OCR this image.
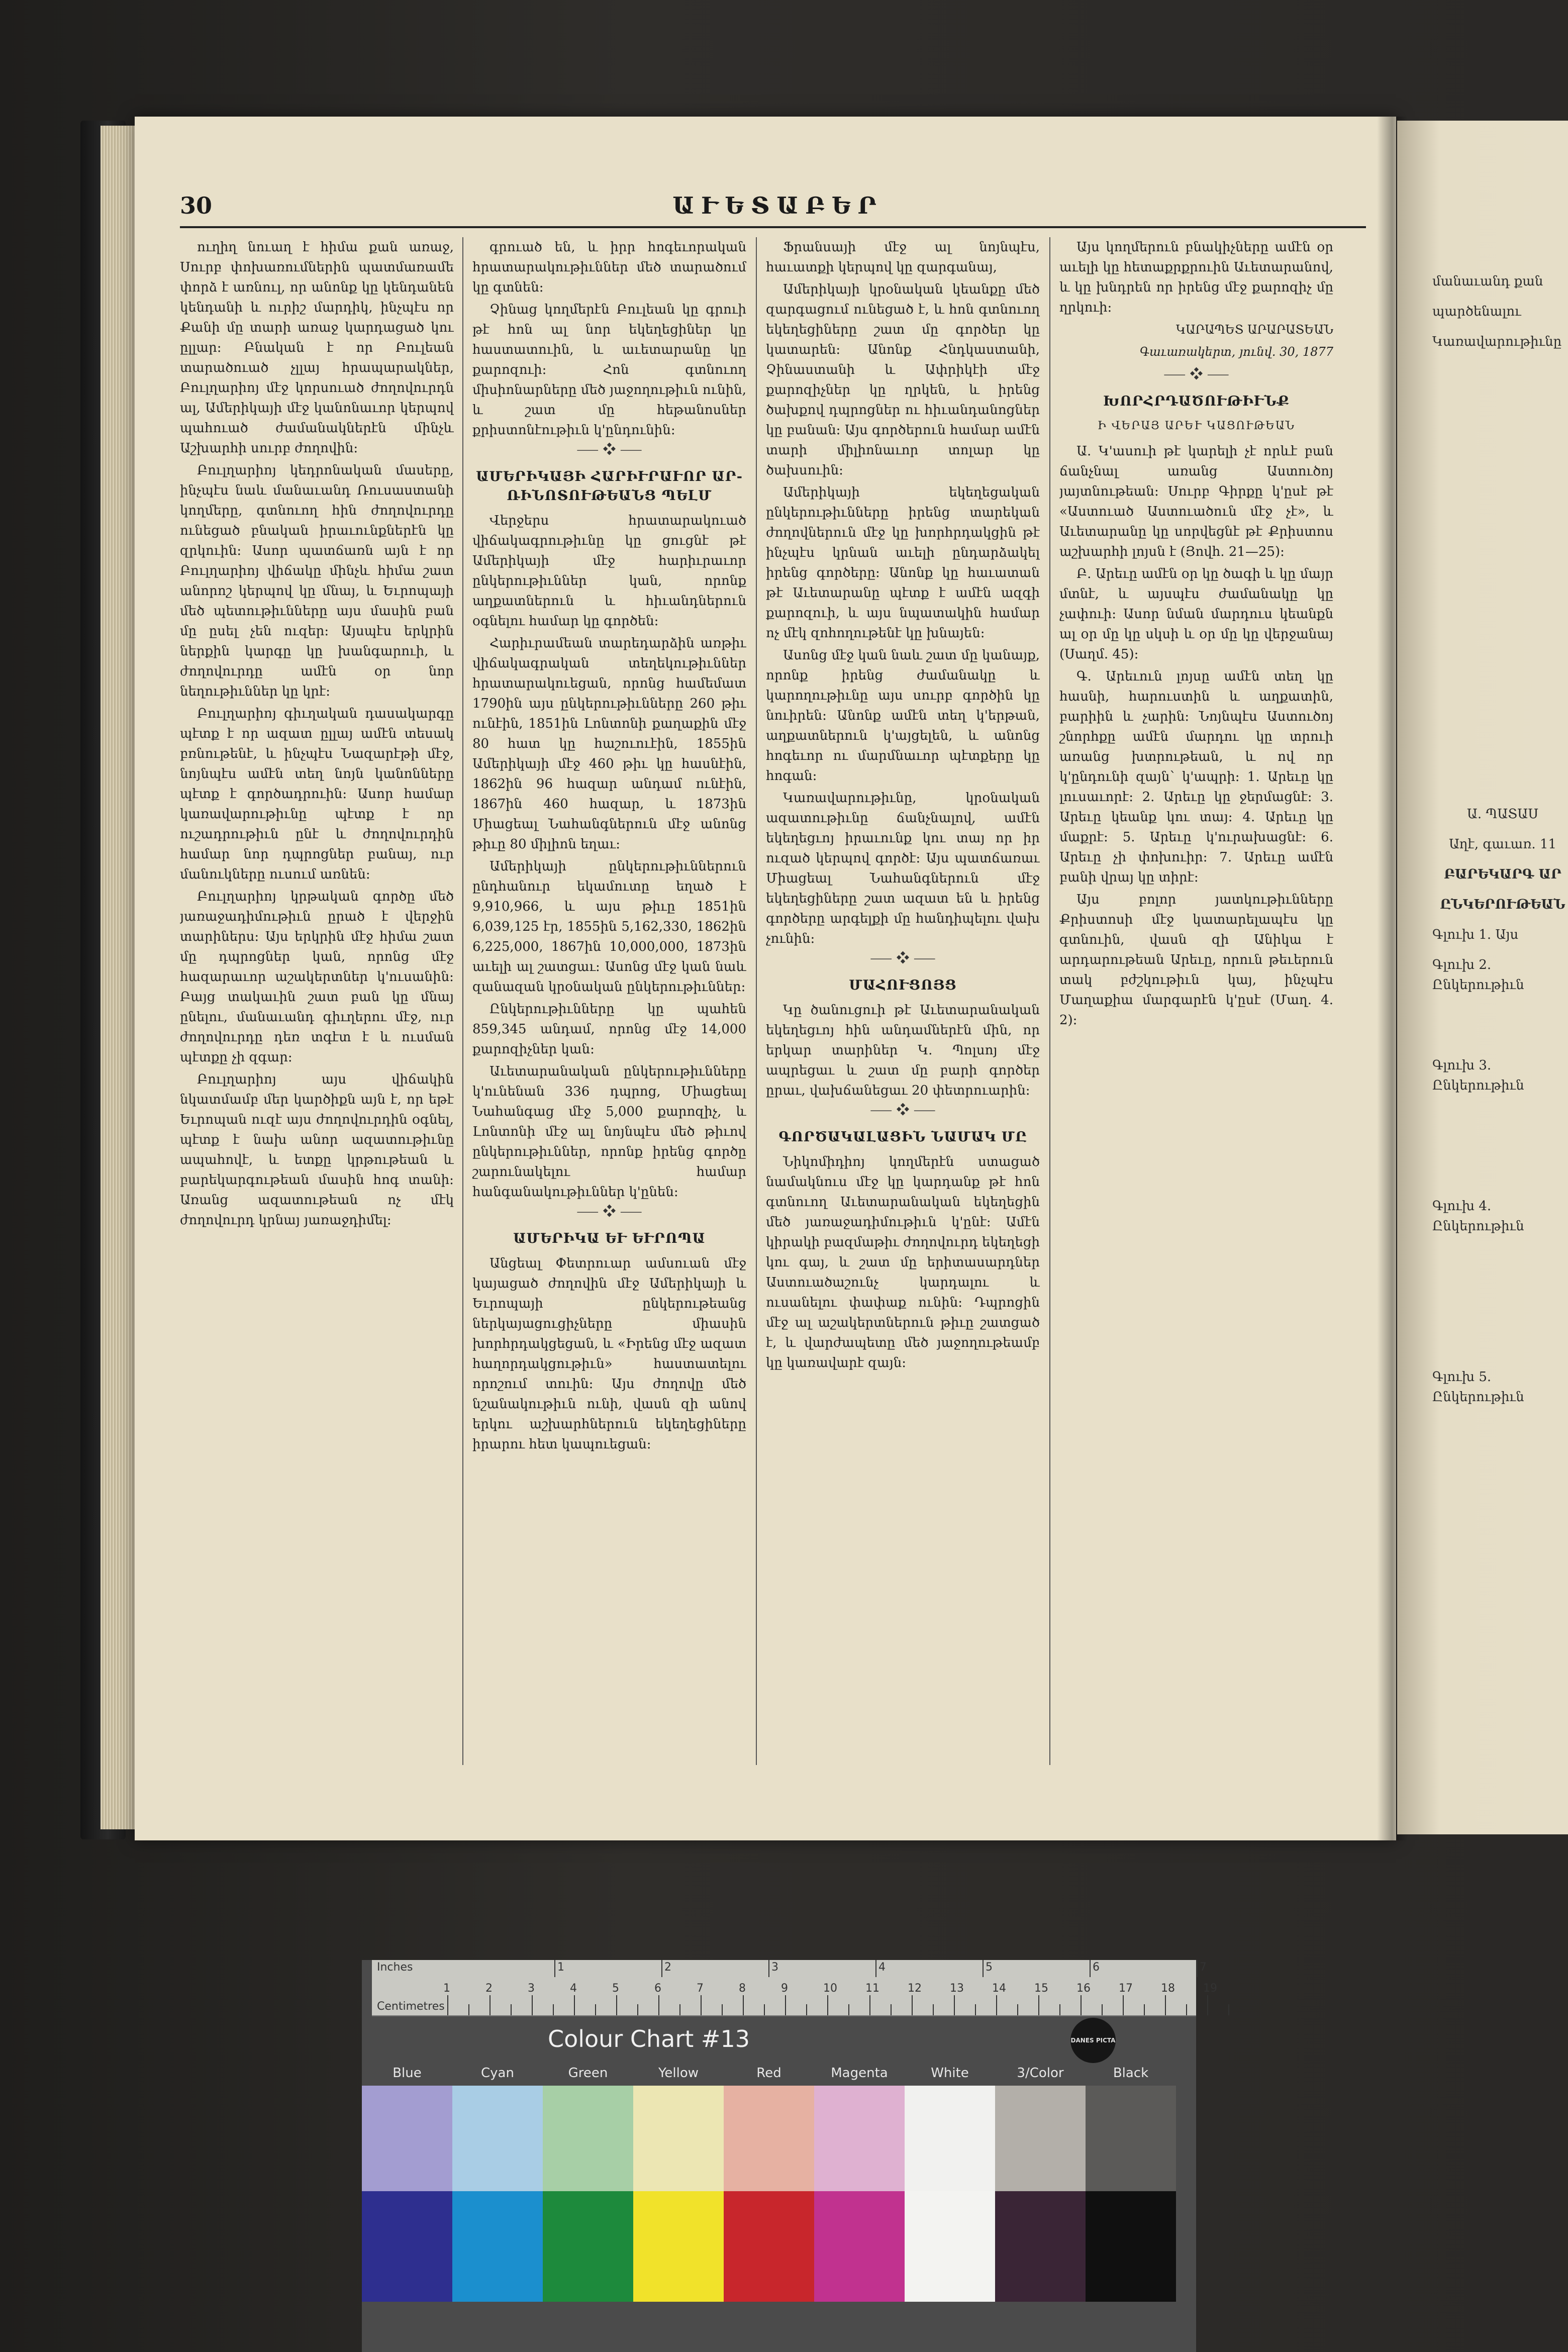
30	ԱՒԵՏԱԲԵՐ

ուղիղ նուաղ է հիմա քան առաջ, Սուրբ փոխառումներին պատմառամե փորձ է առնուլ, որ անոնք կը կենդանեն կենդանի և ուրիշ մարդիկ, ինչպէս որ Քանի մը տարի առաջ կարդացած կու ըլլար։ Բնական է որ Բուլեան տարածուած չլլայ հրապարակներ, Բուլղարիոյ մէջ կորսուած ժողովուրդն ալ, Ամերիկայի մէջ կանոնաւոր կերպով պահուած ժամանակներէն մինչև Աշխարհի սուրբ ժողովին։

Բուլղարիոյ կեդրոնական մասերը, ինչպէս նաև մանաւանդ Ռուսաստանի կողմերը, գտնուող հին ժողովուրդը ունեցած բնական իրաւունքներէն կը զրկուին։ Ասոր պատճառն այն է որ Բուլղարիոյ վիճակը մինչև հիմա շատ անորոշ կերպով կը մնայ, և Եւրոպայի մեծ պետութիւնները այս մասին բան մը ըսել չեն ուզեր։ Այսպէս երկրին ներքին կարգը կը խանգարուի, և ժողովուրդը ամէն օր նոր նեղութիւններ կը կրէ։

Բուլղարիոյ գիւղական դասակարգը պէտք է որ ազատ ըլլայ ամէն տեսակ բռնութենէ, և ինչպէս Նազարէթի մէջ, նոյնպէս ամէն տեղ նոյն կանոնները պէտք է գործադրուին։ Ասոր համար կառավարութիւնը պէտք է որ ուշադրութիւն ընէ և ժողովուրդին համար նոր դպրոցներ բանայ, ուր մանուկները ուսում առնեն։

Բուլղարիոյ կրթական գործը մեծ յառաջադիմութիւն ըրած է վերջին տարիներս։ Այս երկրին մէջ հիմա շատ մը դպրոցներ կան, որոնց մէջ հազարաւոր աշակերտներ կ'ուսանին։ Բայց տակաւին շատ բան կը մնայ ընելու, մանաւանդ գիւղերու մէջ, ուր ժողովուրդը դեռ տգէտ է և ուսման պէտքը չի զգար։

Բուլղարիոյ այս վիճակին նկատմամբ մեր կարծիքն այն է, որ եթէ Եւրոպան ուզէ այս ժողովուրդին օգնել, պէտք է նախ անոր ազատութիւնը ապահովէ, և ետքը կրթութեան և բարեկարգութեան մասին հոգ տանի։ Առանց ազատութեան ոչ մէկ ժողովուրդ կրնայ յառաջդիմել։

գրուած են, և իրր հոգեւորական հրատարակութիւններ մեծ տարածում կը գտնեն։

Չինաց կողմերէն Բուլեան կը գրուի թէ հոն ալ նոր եկեղեցիներ կը հաստատուին, և աւետարանը կը քարոզուի։ Հոն գտնուող միսիոնարները մեծ յաջողութիւն ունին, և շատ մը հեթանոսներ քրիստոնէութիւն կ'ընդունին։

⸺ ❖ ⸺
ԱՄԵՐԻԿԱՅԻ ՀԱՐԻՒՐԱՒՈՐ ԱՐ-ՌԻՆՈՏՈՒԹԵԱՆՑ ՊԵԼՄ

Վերջերս հրատարակուած վիճակագրութիւնը կը ցուցնէ թէ Ամերիկայի մէջ հարիւրաւոր ընկերութիւններ կան, որոնք աղքատներուն և հիւանդներուն օգնելու համար կը գործեն։

Հարիւրամեան տարեդարձին առթիւ վիճակագրական տեղեկութիւններ հրատարակուեցան, որոնց համեմատ 1790ին այս ընկերութիւնները 260 թիւ ունէին, 1851ին Լոնտոնի քաղաքին մէջ 80 հատ կը հաշուուէին, 1855ին Ամերիկայի մէջ 460 թիւ կը հասնէին, 1862ին 96 հազար անդամ ունէին, 1867ին 460 հազար, և 1873ին Միացեալ Նահանգներուն մէջ անոնց թիւը 80 միլիոն եղաւ։

Ամերիկայի ընկերութիւններուն ընդհանուր եկամուտը եղած է 9,910,966, և այս թիւը 1851ին 6,039,125 էր, 1855ին 5,162,330, 1862ին 6,225,000, 1867ին 10,000,000, 1873ին աւելի ալ շատցաւ։ Ասոնց մէջ կան նաև զանազան կրօնական ընկերութիւններ։

Ընկերութիւնները կը պահեն 859,345 անդամ, որոնց մէջ 14,000 քարոզիչներ կան։

Աւետարանական ընկերութիւնները կ'ունենան 336 դպրոց, Միացեալ Նահանգաց մէջ 5,000 քարոզիչ, և Լոնտոնի մէջ ալ նոյնպէս մեծ թիւով ընկերութիւններ, որոնք իրենց գործը շարունակելու համար հանգանակութիւններ կ'ընեն։

⸺ ❖ ⸺
ԱՄԵՐԻԿԱ ԵՒ ԵՒՐՈՊԱ

Անցեալ Փետրուար ամսուան մէջ կայացած ժողովին մէջ Ամերիկայի և Եւրոպայի ընկերութեանց ներկայացուցիչները միասին խորհրդակցեցան, և «Իրենց մէջ ազատ հաղորդակցութիւն» հաստատելու որոշում տուին։ Այս ժողովը մեծ նշանակութիւն ունի, վասն զի անով երկու աշխարհներուն եկեղեցիները իրարու հետ կապուեցան։

Ֆրանսայի մէջ ալ նոյնպէս, հաւատքի կերպով կը զարգանայ,

Ամերիկայի կրօնական կեանքը մեծ զարգացում ունեցած է, և հոն գտնուող եկեղեցիները շատ մը գործեր կը կատարեն։ Անոնք Հնդկաստանի, Չինաստանի և Ափրիկէի մէջ քարոզիչներ կը ղրկեն, և իրենց ծախքով դպրոցներ ու հիւանդանոցներ կը բանան։ Այս գործերուն համար ամէն տարի միլիոնաւոր տոլար կը ծախսուին։

Ամերիկայի եկեղեցական ընկերութիւնները իրենց տարեկան ժողովներուն մէջ կը խորհրդակցին թէ ինչպէս կրնան աւելի ընդարձակել իրենց գործերը։ Անոնք կը հաւատան թէ Աւետարանը պէտք է ամէն ազգի քարոզուի, և այս նպատակին համար ոչ մէկ զոհողութենէ կը խնայեն։

Ասոնց մէջ կան նաև շատ մը կանայք, որոնք իրենց ժամանակը և կարողութիւնը այս սուրբ գործին կը նուիրեն։ Անոնք ամէն տեղ կ'երթան, աղքատներուն կ'այցելեն, և անոնց հոգեւոր ու մարմնաւոր պէտքերը կը հոգան։

Կառավարութիւնը, կրօնական ազատութիւնը ճանչնալով, ամէն եկեղեցւոյ իրաւունք կու տայ որ իր ուզած կերպով գործէ։ Այս պատճառաւ Միացեալ Նահանգներուն մէջ եկեղեցիները շատ ազատ են և իրենց գործերը արգելքի մը հանդիպելու վախ չունին։

⸺ ❖ ⸺
ՄԱՀՈՒՑՈՅՑ

Կը ծանուցուի թէ Աւետարանական եկեղեցւոյ հին անդամներէն մին, որ երկար տարիներ Կ. Պոլսոյ մէջ ապրեցաւ և շատ մը բարի գործեր ըրաւ, վախճանեցաւ 20 փետրուարին։

⸺ ❖ ⸺
ԳՈՐԾԱԿԱԼԱՑԻՆ ՆԱՄԱԿ ՄԸ

Նիկոմիդիոյ կողմերէն ստացած նամակնուս մէջ կը կարդանք թէ հոն գտնուող Աւետարանական եկեղեցին մեծ յառաջադիմութիւն կ'ընէ։ Ամէն կիրակի բազմաթիւ ժողովուրդ եկեղեցի կու գայ, և շատ մը երիտասարդներ Աստուածաշունչ կարդալու և ուսանելու փափաք ունին։ Դպրոցին մէջ ալ աշակերտներուն թիւը շատցած է, և վարժապետը մեծ յաջողութեամբ կը կառավարէ զայն։

Այս կողմերուն բնակիչները ամէն օր աւելի կը հետաքրքրուին Աւետարանով, և կը խնդրեն որ իրենց մէջ քարոզիչ մը ղրկուի։

ԿԱՐԱՊԵՏ ԱՐԱՐԱՏԵԱՆ
Գաւառակերտ, յունվ. 30, 1877
⸺ ❖ ⸺
ԽՈՐՀՐԴԱԾՈՒԹԻՒՆՔ
Ի ՎԵՐԱՅ ԱՐԵՒ ԿԱՑՈՒԹԵԱՆ

Ա. Կ'ասուի թէ կարելի չէ որևէ բան ճանչնալ առանց Աստուծոյ յայտնութեան։ Սուրբ Գիրքը կ'ըսէ թէ «Աստուած Աստուածուն մէջ չէ», և Աւետարանը կը սորվեցնէ թէ Քրիստոս աշխարհի լոյսն է (Յովհ. 21—25)։

Բ. Արեւը ամէն օր կը ծագի և կը մայր մտնէ, և այսպէս ժամանակը կը չափուի։ Ասոր նման մարդուս կեանքն ալ օր մը կը սկսի և օր մը կը վերջանայ (Սաղմ. 45)։

Գ. Արեւուն լոյսը ամէն տեղ կը հասնի, հարուստին և աղքատին, բարիին և չարին։ Նոյնպէս Աստուծոյ շնորհքը ամէն մարդու կը տրուի առանց խտրութեան, և ով որ կ'ընդունի զայն՝ կ'ապրի։ 1. Արեւը կը լուսաւորէ։ 2. Արեւը կը ջերմացնէ։ 3. Արեւը կեանք կու տայ։ 4. Արեւը կը մաքրէ։ 5. Արեւը կ'ուրախացնէ։ 6. Արեւը չի փոխուիր։ 7. Արեւը ամէն բանի վրայ կը տիրէ։

Այս բոլոր յատկութիւնները Քրիստոսի մէջ կատարելապէս կը գտնուին, վասն զի Անիկա է արդարութեան Արեւը, որուն թեւերուն տակ բժշկութիւն կայ, ինչպէս Մաղաքիա մարգարէն կ'ըսէ (Մաղ. 4. 2)։

մանաւանդ քան

պարծենալու

Կառավարութիւնը

Ա. ՊԱՏԱՍ

Աղէ, գաւառ. 11

ԲԱՐԵԿԱՐԳ ԱՐ

ԸՆԿԵՐՈՒԹԵԱՆ

Գլուխ 1. Այս

Գլուխ 2. Ընկերութիւն

Գլուխ 3. Ընկերութիւն

Գլուխ 4. Ընկերութիւն

Գլուխ 5. Ընկերութիւն

Inches
Centimetres
1	2	3	4	5	6	7	8	9	10	11	12	13	14	15	16	17	18	19
1	2	3	4	5	6	7
Colour Chart #13	DANES PICTA
Blue	Cyan	Green	Yellow	Red	Magenta	White	3/Color	Black
